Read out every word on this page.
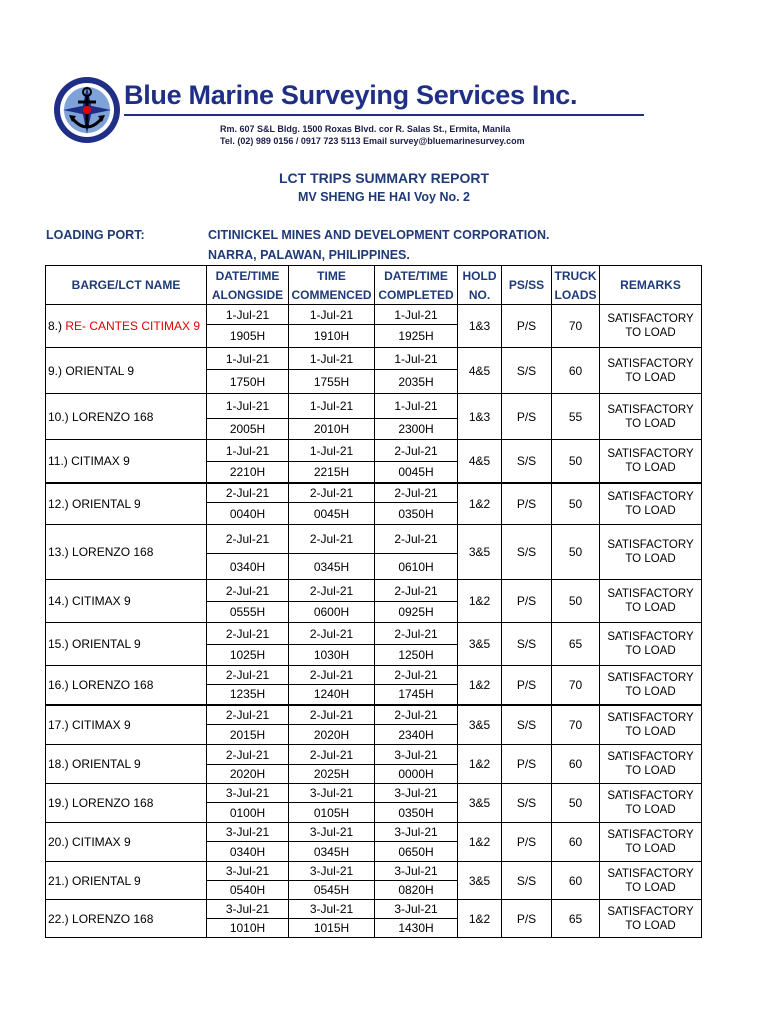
Blue Marine Surveying Services Inc.
Rm. 607 S&L Bldg. 1500 Roxas Blvd. cor R. Salas St., Ermita, Manila
Tel. (02) 989 0156 / 0917 723 5113 Email survey@bluemarinesurvey.com
LCT TRIPS SUMMARY REPORT
MV SHENG HE HAI Voy No. 2
LOADING PORT:	CITINICKEL MINES AND DEVELOPMENT CORPORATION.
NARRA, PALAWAN, PHILIPPINES.
BARGE/LCT NAME	DATE/TIME	TIME	DATE/TIME	HOLD	PS/SS	TRUCK	REMARKS
	ALONGSIDE	COMMENCED	COMPLETED	NO.		LOADS	
8.) RE- CANTES CITIMAX 9	1-Jul-21	1-Jul-21	1-Jul-21	1&3	P/S	70	SATISFACTORY
TO LOAD

	1905H	1910H	1925H				
9.) ORIENTAL 9	1-Jul-21	1-Jul-21	1-Jul-21	4&5	S/S	60	SATISFACTORY
TO LOAD

	1750H	1755H	2035H				
10.) LORENZO 168	1-Jul-21	1-Jul-21	1-Jul-21	1&3	P/S	55	SATISFACTORY
TO LOAD

	2005H	2010H	2300H				
11.) CITIMAX 9	1-Jul-21	1-Jul-21	2-Jul-21	4&5	S/S	50	SATISFACTORY
TO LOAD

	2210H	2215H	0045H				
12.) ORIENTAL 9	2-Jul-21	2-Jul-21	2-Jul-21	1&2	P/S	50	SATISFACTORY
TO LOAD

	0040H	0045H	0350H				
13.) LORENZO 168	2-Jul-21	2-Jul-21	2-Jul-21	3&5	S/S	50	SATISFACTORY
TO LOAD

	0340H	0345H	0610H				
14.) CITIMAX 9	2-Jul-21	2-Jul-21	2-Jul-21	1&2	P/S	50	SATISFACTORY
TO LOAD

	0555H	0600H	0925H				
15.) ORIENTAL 9	2-Jul-21	2-Jul-21	2-Jul-21	3&5	S/S	65	SATISFACTORY
TO LOAD

	1025H	1030H	1250H				
16.) LORENZO 168	2-Jul-21	2-Jul-21	2-Jul-21	1&2	P/S	70	SATISFACTORY
TO LOAD

	1235H	1240H	1745H				
17.) CITIMAX 9	2-Jul-21	2-Jul-21	2-Jul-21	3&5	S/S	70	SATISFACTORY
TO LOAD

	2015H	2020H	2340H				
18.) ORIENTAL 9	2-Jul-21	2-Jul-21	3-Jul-21	1&2	P/S	60	SATISFACTORY
TO LOAD

	2020H	2025H	0000H				
19.) LORENZO 168	3-Jul-21	3-Jul-21	3-Jul-21	3&5	S/S	50	SATISFACTORY
TO LOAD

	0100H	0105H	0350H				
20.) CITIMAX 9	3-Jul-21	3-Jul-21	3-Jul-21	1&2	P/S	60	SATISFACTORY
TO LOAD

	0340H	0345H	0650H				
21.) ORIENTAL 9	3-Jul-21	3-Jul-21	3-Jul-21	3&5	S/S	60	SATISFACTORY
TO LOAD

	0540H	0545H	0820H				
22.) LORENZO 168	3-Jul-21	3-Jul-21	3-Jul-21	1&2	P/S	65	SATISFACTORY
TO LOAD

	1010H	1015H	1430H				
